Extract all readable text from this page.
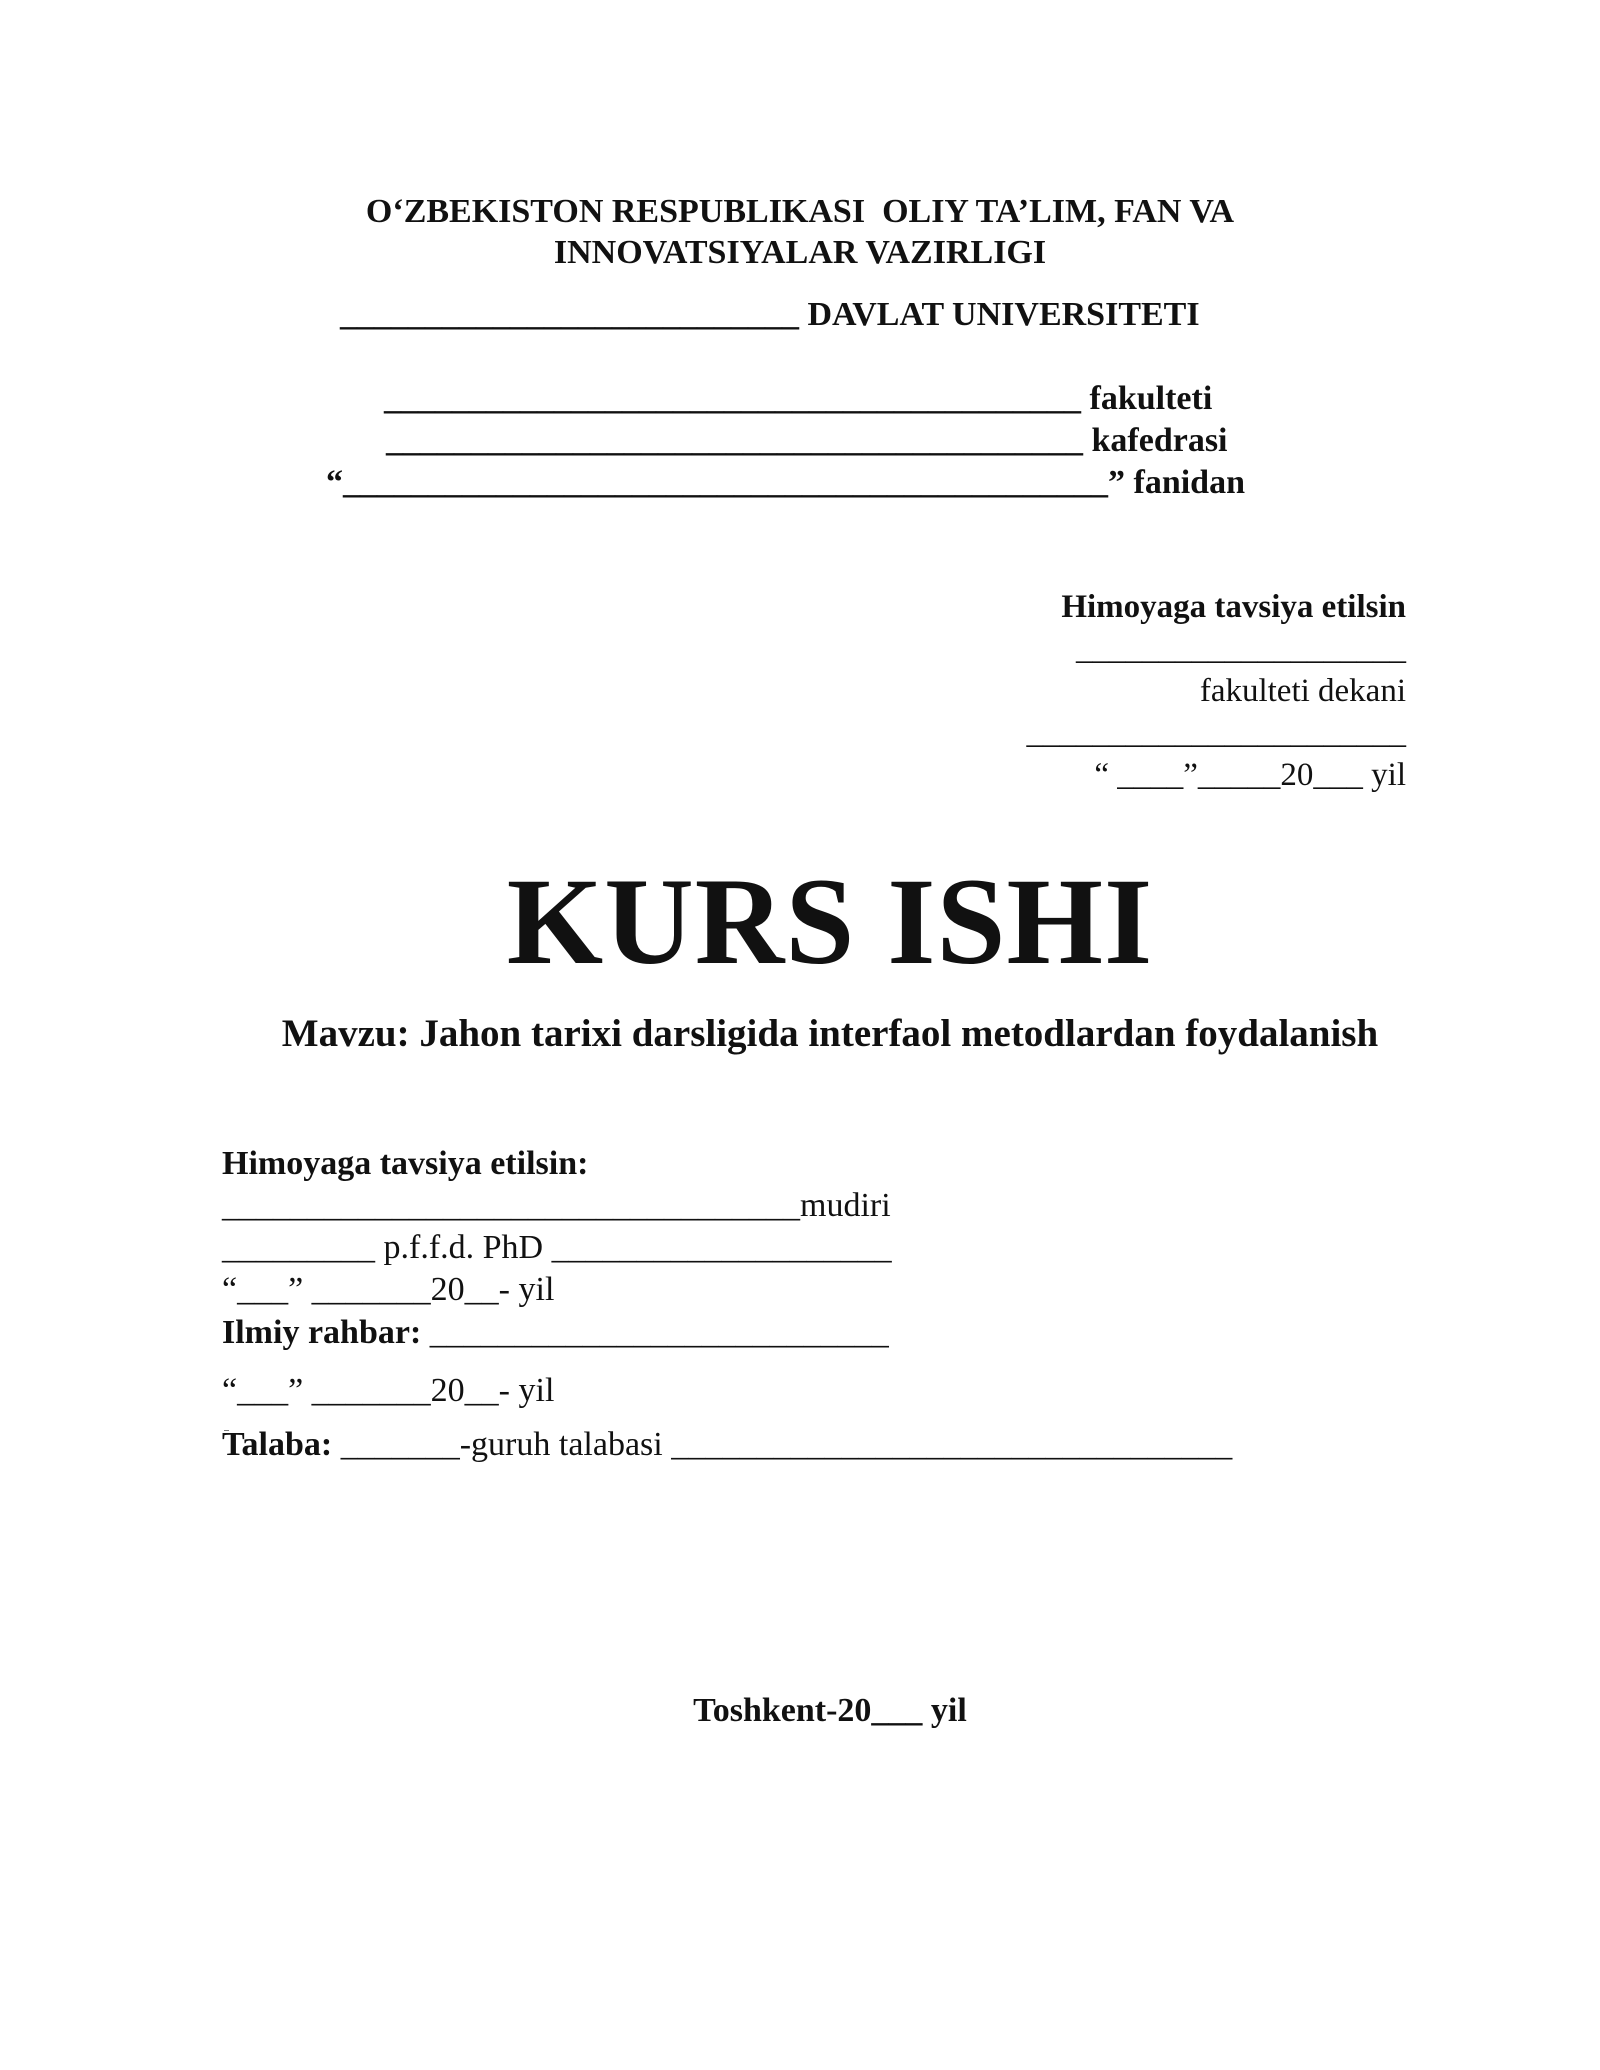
O‘ZBEKISTON RESPUBLIKASI  OLIY TA’LIM, FAN VA
INNOVATSIYALAR VAZIRLIGI
___________________________ DAVLAT UNIVERSITETI
_________________________________________ fakulteti
_________________________________________ kafedrasi
“_____________________________________________” fanidan
Himoyaga tavsiya etilsin
____________________
fakulteti dekani
_______________________
“ ____”_____20___ yil
KURS ISHI
Mavzu: Jahon tarixi darsligida interfaol metodlardan foydalanish
Himoyaga tavsiya etilsin:
__________________________________mudiri
_________ p.f.f.d. PhD ____________________
“___” _______20__- yil
Ilmiy rahbar: ___________________________
“___” _______20__- yil
Talaba: _______-guruh talabasi _________________________________
Toshkent-20___ yil
